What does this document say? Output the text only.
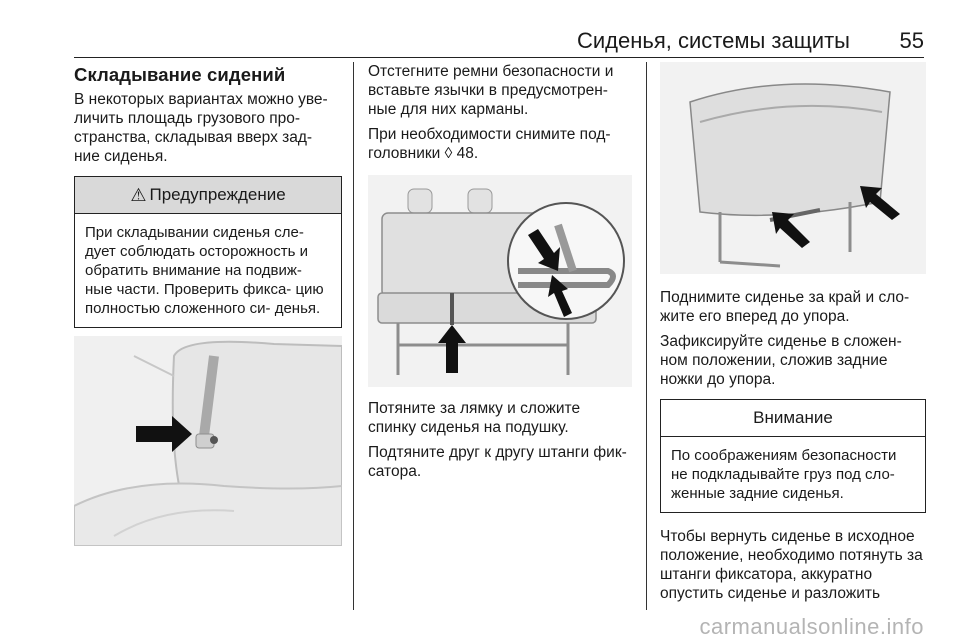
Сиденья, системы защиты 55
Складывание сидений

В некоторых вариантах можно уве- личить площадь грузового про- странства, складывая вверх зад- ние сиденья.

⚠ Предупреждение
При складывании сиденья сле- дует соблюдать осторожность и обратить внимание на подвиж- ные части. Проверить фикса- цию полностью сложенного си- денья.

Отстегните ремни безопасности и вставьте язычки в предусмотрен- ные для них карманы.

При необходимости снимите под- головники ◊ 48.

Потяните за лямку и сложите спинку сиденья на подушку.

Подтяните друг к другу штанги фик- сатора.

Поднимите сиденье за край и сло- жите его вперед до упора.

Зафиксируйте сиденье в сложен- ном положении, сложив задние ножки до упора.

Внимание
По соображениям безопасности не подкладывайте груз под сло- женные задние сиденья.

Чтобы вернуть сиденье в исходное положение, необходимо потянуть за штанги фиксатора, аккуратно опустить сиденье и разложить

carmanualsonline.info
